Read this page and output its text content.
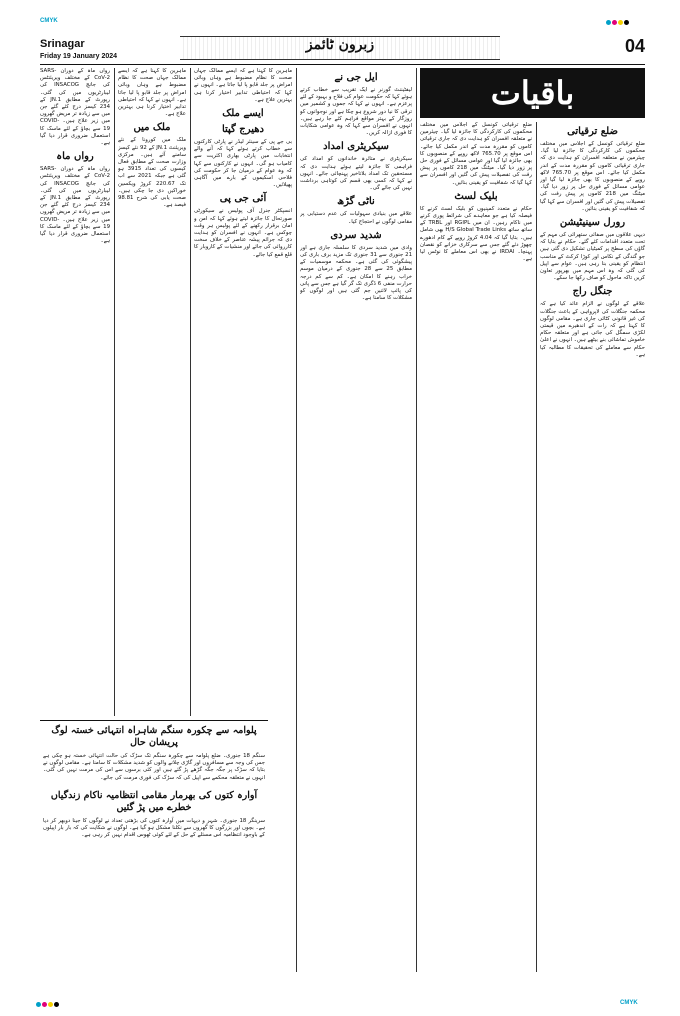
CMYK
CMYK
Srinagar
Friday 19 January 2024
زبرون ٹائمز	04
باقیات
ضلع ترقیاتی

ضلع ترقیاتی کونسل کے اجلاس میں مختلف محکموں کی کارکردگی کا جائزہ لیا گیا۔ چیئرمین نے متعلقہ افسران کو ہدایت دی کہ جاری ترقیاتی کاموں کو مقررہ مدت کے اندر مکمل کیا جائے۔ اس موقع پر 765.70 لاکھ روپے کے منصوبوں کا بھی جائزہ لیا گیا اور عوامی مسائل کے فوری حل پر زور دیا گیا۔ میٹنگ میں 218 کاموں پر پیش رفت کی تفصیلات پیش کی گئیں اور افسران سے کہا گیا کہ شفافیت کو یقینی بنائیں۔

رورل سینیٹیشن

دیہی علاقوں میں صفائی ستھرائی کی مہم کے تحت متعدد اقدامات کئے گئے۔ حکام نے بتایا کہ گاؤں کی سطح پر کمیٹیاں تشکیل دی گئی ہیں جو گندگی کے نکاس اور کوڑا کرکٹ کے مناسب انتظام کو یقینی بنا رہی ہیں۔ عوام سے اپیل کی گئی کہ وہ اس مہم میں بھرپور تعاون کریں تاکہ ماحول کو صاف رکھا جا سکے۔

جنگل راج

علاقے کے لوگوں نے الزام عائد کیا ہے کہ محکمہ جنگلات کی لاپرواہی کے باعث جنگلات کی غیر قانونی کٹائی جاری ہے۔ مقامی لوگوں کا کہنا ہے کہ رات کے اندھیرے میں قیمتی لکڑی سمگل کی جاتی ہے اور متعلقہ حکام خاموش تماشائی بنے بیٹھے ہیں۔ انہوں نے اعلیٰ حکام سے معاملے کی تحقیقات کا مطالبہ کیا ہے۔

ضلع ترقیاتی کونسل کے اجلاس میں مختلف محکموں کی کارکردگی کا جائزہ لیا گیا۔ چیئرمین نے متعلقہ افسران کو ہدایت دی کہ جاری ترقیاتی کاموں کو مقررہ مدت کے اندر مکمل کیا جائے۔ اس موقع پر 765.70 لاکھ روپے کے منصوبوں کا بھی جائزہ لیا گیا اور عوامی مسائل کے فوری حل پر زور دیا گیا۔ میٹنگ میں 218 کاموں پر پیش رفت کی تفصیلات پیش کی گئیں اور افسران سے کہا گیا کہ شفافیت کو یقینی بنائیں۔

بلیک لسٹ

حکام نے متعدد کمپنیوں کو بلیک لسٹ کرنے کا فیصلہ کیا ہے جو معاہدے کی شرائط پوری کرنے میں ناکام رہیں۔ ان میں RGIPL اور TRBL کے ساتھ ساتھ H/S Global Trade Links بھی شامل ہیں۔ بتایا گیا کہ 4.04 کروڑ روپے کے کام ادھورے چھوڑ دئے گئے جس سے سرکاری خزانے کو نقصان پہنچا۔ IRDAI نے بھی اس معاملے کا نوٹس لیا ہے۔

ایل جی نے

لیفٹیننٹ گورنر نے ایک تقریب سے خطاب کرتے ہوئے کہا کہ حکومت عوام کی فلاح و بہبود کے لئے پرعزم ہے۔ انہوں نے کہا کہ جموں و کشمیر میں ترقی کا نیا دور شروع ہو چکا ہے اور نوجوانوں کو روزگار کے بہتر مواقع فراہم کئے جا رہے ہیں۔ انہوں نے افسران سے کہا کہ وہ عوامی شکایات کا فوری ازالہ کریں۔

سیکریٹری امداد

سیکریٹری نے متاثرہ خاندانوں کو امداد کی فراہمی کا جائزہ لیتے ہوئے ہدایت دی کہ مستحقین تک امداد بلاتاخیر پہنچائی جائے۔ انہوں نے کہا کہ کسی بھی قسم کی کوتاہی برداشت نہیں کی جائے گی۔

ناٹی گڑھ

علاقے میں بنیادی سہولیات کی عدم دستیابی پر مقامی لوگوں نے احتجاج کیا۔

شدید سردی

وادی میں شدید سردی کا سلسلہ جاری ہے اور 21 جنوری سے 31 جنوری تک مزید برف باری کی پیشگوئی کی گئی ہے۔ محکمہ موسمیات کے مطابق 25 سے 28 جنوری کے درمیان موسم خراب رہنے کا امکان ہے۔ کم سے کم درجہ حرارت منفی 6 ڈگری تک گر گیا ہے جس سے پانی کی پائپ لائنیں جم گئی ہیں اور لوگوں کو مشکلات کا سامنا ہے۔

ماہرین کا کہنا ہے کہ ایسے ممالک جہاں صحت کا نظام مضبوط ہے وہاں وبائی امراض پر جلد قابو پا لیا جاتا ہے۔ انہوں نے کہا کہ احتیاطی تدابیر اختیار کرنا ہی بہترین علاج ہے۔

ایسے ملک
دھیرج گپتا

بی جے پی کے سینئر لیڈر نے پارٹی کارکنوں سے خطاب کرتے ہوئے کہا کہ آنے والے انتخابات میں پارٹی بھاری اکثریت سے کامیاب ہو گی۔ انہوں نے کارکنوں سے کہا کہ وہ عوام کے درمیان جا کر حکومت کی فلاحی اسکیموں کے بارے میں آگاہی پھیلائیں۔

آئی جی پی

انسپکٹر جنرل آف پولیس نے سیکورٹی صورتحال کا جائزہ لیتے ہوئے کہا کہ امن و امان برقرار رکھنے کے لئے پولیس ہر وقت چوکس ہے۔ انہوں نے افسران کو ہدایت دی کہ جرائم پیشہ عناصر کے خلاف سخت کارروائی کی جائے اور منشیات کے کاروبار کا قلع قمع کیا جائے۔

ماہرین کا کہنا ہے کہ ایسے ممالک جہاں صحت کا نظام مضبوط ہے وہاں وبائی امراض پر جلد قابو پا لیا جاتا ہے۔ انہوں نے کہا کہ احتیاطی تدابیر اختیار کرنا ہی بہترین علاج ہے۔

ملک میں

ملک میں کورونا کے نئے ویریئنٹ JN.1 کے 92 نئے کیسز سامنے آئے ہیں۔ مرکزی وزارت صحت کے مطابق فعال کیسوں کی تعداد 3915 ہو گئی ہے جبکہ 2021 سے اب تک 220.67 کروڑ ویکسین خوراکیں دی جا چکی ہیں۔ صحت یابی کی شرح 98.81 فیصد ہے۔

رواں ماہ کے دوران SARS-CoV-2 کے مختلف ویریئنٹس کی جانچ INSACOG کی لیبارٹریوں میں کی گئی۔ رپورٹ کے مطابق JN.1 کے 234 کیسز درج کئے گئے جن میں سے زیادہ تر مریض گھروں میں زیر علاج ہیں۔ COVID-19 سے بچاؤ کے لئے ماسک کا استعمال ضروری قرار دیا گیا ہے۔

رواں ماہ

رواں ماہ کے دوران SARS-CoV-2 کے مختلف ویریئنٹس کی جانچ INSACOG کی لیبارٹریوں میں کی گئی۔ رپورٹ کے مطابق JN.1 کے 234 کیسز درج کئے گئے جن میں سے زیادہ تر مریض گھروں میں زیر علاج ہیں۔ COVID-19 سے بچاؤ کے لئے ماسک کا استعمال ضروری قرار دیا گیا ہے۔

پلوامہ سے چکورہ سنگم شاہراہ انتہائی خستہ لوگ پریشان حال
سنگم 18 جنوری۔ ضلع پلوامہ سے چکورہ سنگم تک سڑک کی حالت انتہائی خستہ ہو چکی ہے جس کی وجہ سے مسافروں اور گاڑی چلانے والوں کو شدید مشکلات کا سامنا ہے۔ مقامی لوگوں نے بتایا کہ سڑک پر جگہ جگہ گڑھے پڑ گئے ہیں اور کئی برسوں سے اس کی مرمت نہیں کی گئی۔ انہوں نے متعلقہ محکمے سے اپیل کی کہ سڑک کی فوری مرمت کی جائے۔
آوارہ کتوں کی بھرمار مقامی انتظامیہ ناکام زندگیاں خطرے میں پڑ گئیں
سرینگر 18 جنوری۔ شہر و دیہات میں آوارہ کتوں کی بڑھتی تعداد نے لوگوں کا جینا دوبھر کر دیا ہے۔ بچوں اور بزرگوں کا گھروں سے نکلنا مشکل ہو گیا ہے۔ لوگوں نے شکایت کی کہ بار بار اپیلوں کے باوجود انتظامیہ اس مسئلے کے حل کے لئے کوئی ٹھوس اقدام نہیں کر رہی ہے۔
